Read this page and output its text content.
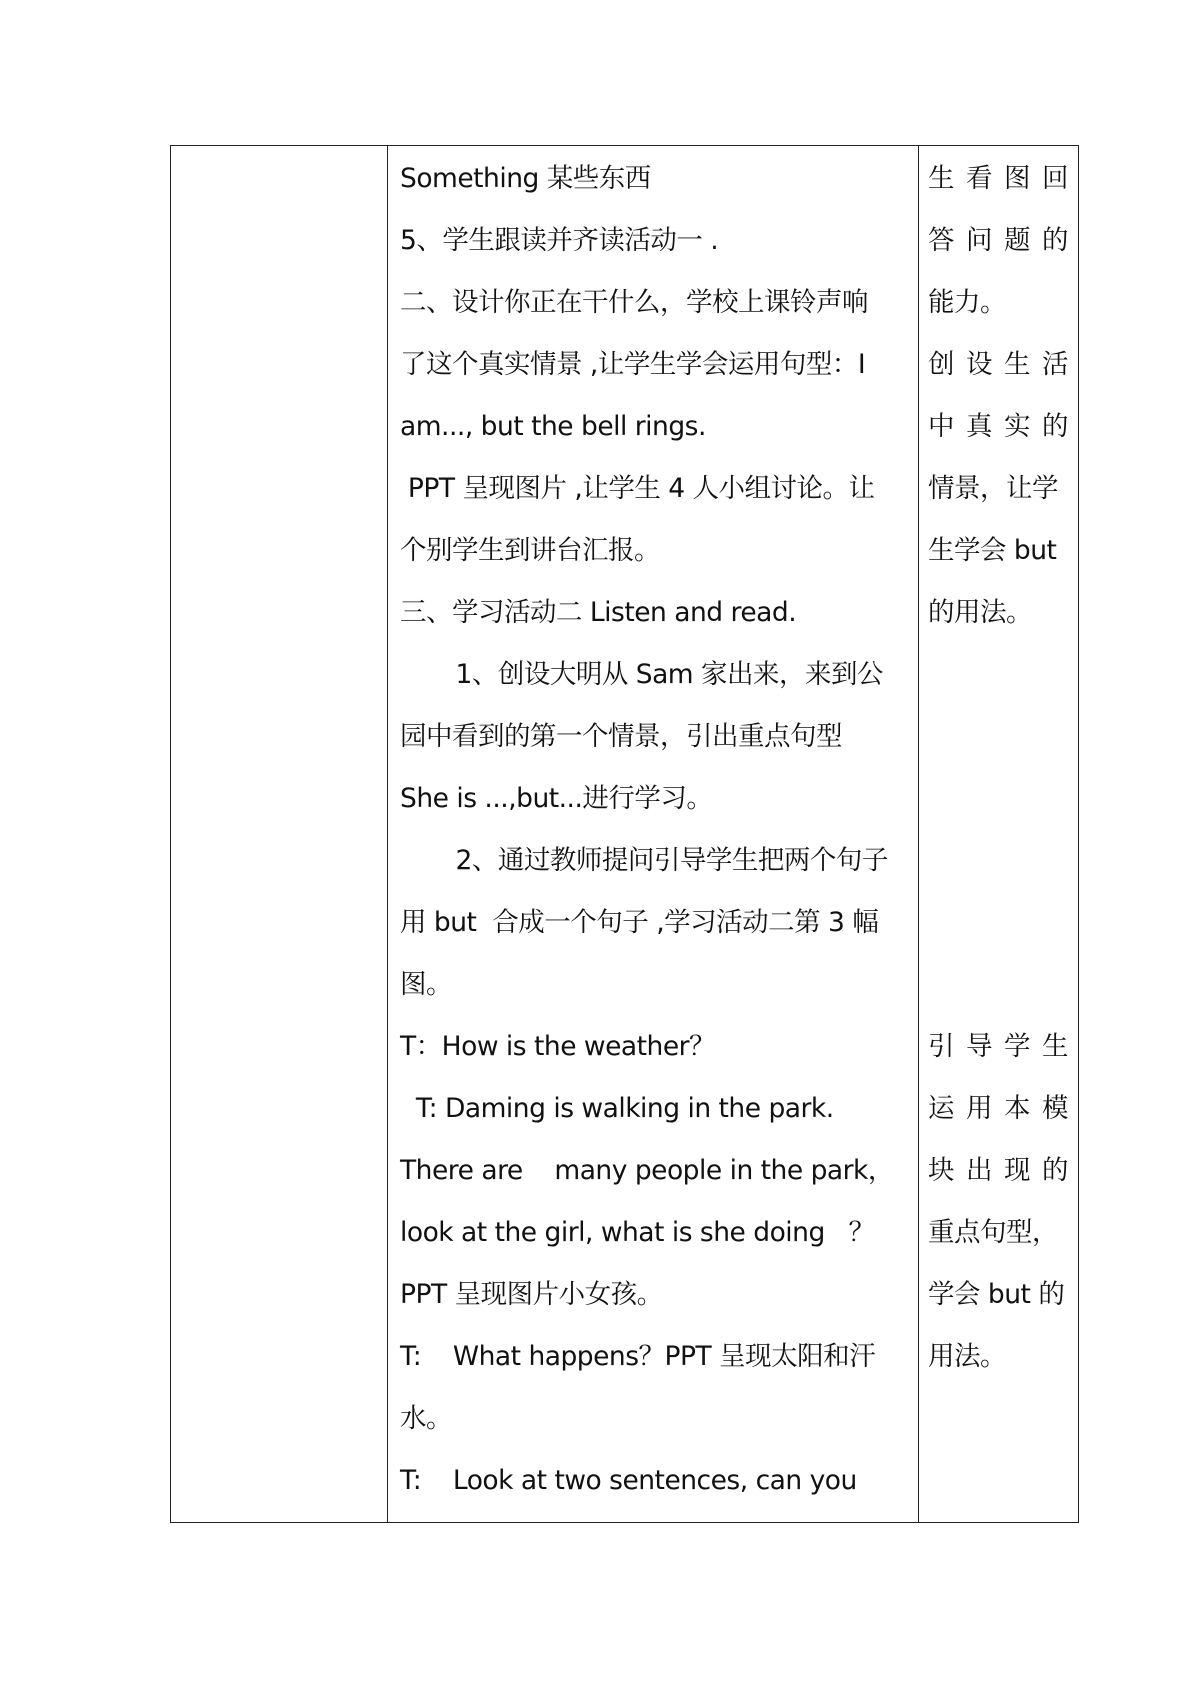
Something 某些东西
5、学生跟读并齐读活动一 .
二、设计你正在干什么，学校上课铃声响
了这个真实情景 ,让学生学会运用句型：I
am..., but the bell rings.
PPT 呈现图片 ,让学生 4 人小组讨论。让
个别学生到讲台汇报。
三、学习活动二 Listen and read.
1、创设大明从 Sam 家出来，来到公
园中看到的第一个情景，引出重点句型
She is ...,but...进行学习。
2、通过教师提问引导学生把两个句子
用 but  合成一个句子 ,学习活动二第 3 幅
图。
T：How is the weather？
T: Daming is walking in the park.
There are    many people in the park，
look at the girl, what is she doing   ？
PPT 呈现图片小女孩。
T:    What happens？PPT 呈现太阳和汗
水。
T:    Look at two sentences, can you
生 看 图 回
答 问 题 的
能力。
创 设 生 活
中 真 实 的
情景，让学
生学会 but
的用法。
引 导 学 生
运 用 本 模
块 出 现 的
重点句型，
学会 but 的
用法。
